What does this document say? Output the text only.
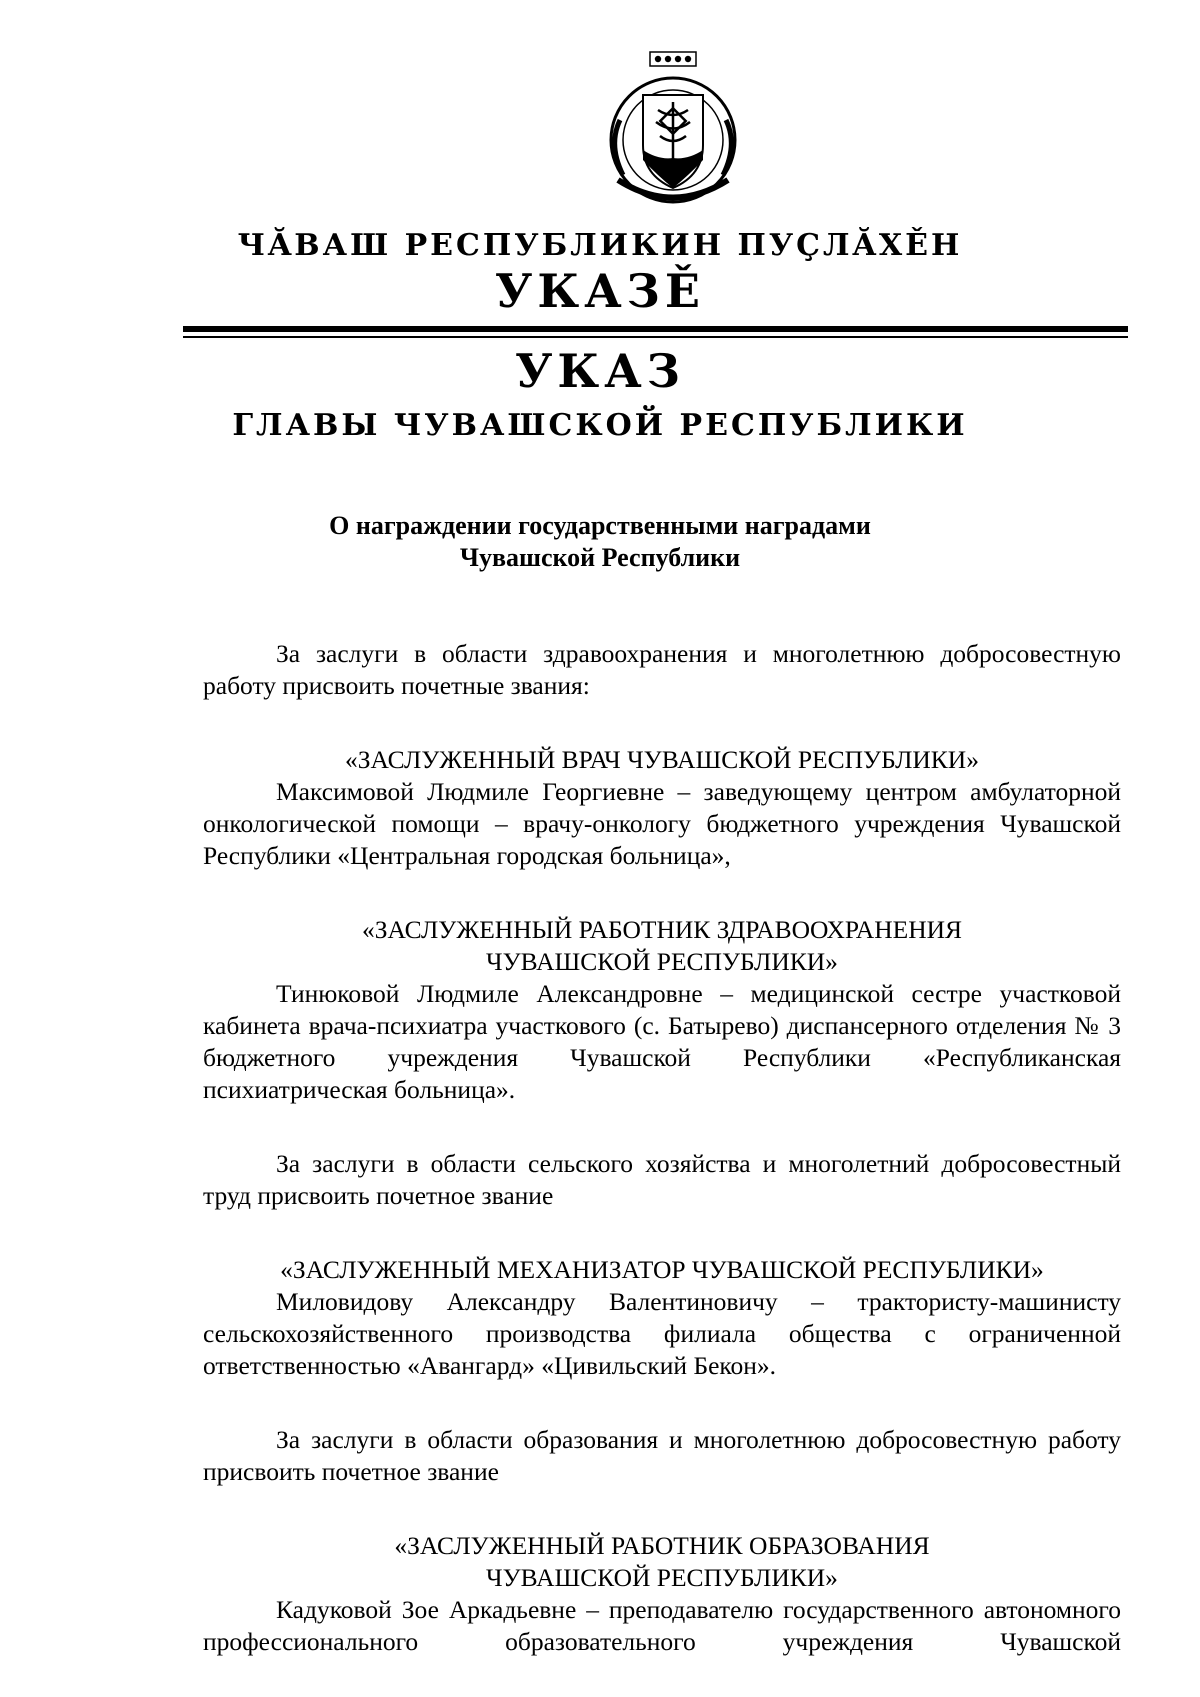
ЧĂВАШ РЕСПУБЛИКИН ПУÇЛĂХĚН
УКАЗĚ
УКАЗ
ГЛАВЫ ЧУВАШСКОЙ РЕСПУБЛИКИ
О награждении государственными наградами
Чувашской Республики

За заслуги в области здравоохранения и многолетнюю добросовестную работу присвоить почетные звания:

«ЗАСЛУЖЕННЫЙ ВРАЧ ЧУВАШСКОЙ РЕСПУБЛИКИ»

Максимовой Людмиле Георгиевне – заведующему центром амбулаторной онкологической помощи – врачу-онкологу бюджетного учреждения Чувашской Республики «Центральная городская больница»,

«ЗАСЛУЖЕННЫЙ РАБОТНИК ЗДРАВООХРАНЕНИЯ
ЧУВАШСКОЙ РЕСПУБЛИКИ»

Тинюковой Людмиле Александровне – медицинской сестре участковой кабинета врача-психиатра участкового (с. Батырево) диспансерного отделения № 3 бюджетного учреждения Чувашской Республики «Республиканская психиатрическая больница».

За заслуги в области сельского хозяйства и многолетний добросовестный труд присвоить почетное звание

«ЗАСЛУЖЕННЫЙ МЕХАНИЗАТОР ЧУВАШСКОЙ РЕСПУБЛИКИ»

Миловидову Александру Валентиновичу – трактористу-машинисту сельскохозяйственного производства филиала общества с ограниченной ответственностью «Авангард» «Цивильский Бекон».

За заслуги в области образования и многолетнюю добросовестную работу присвоить почетное звание

«ЗАСЛУЖЕННЫЙ РАБОТНИК ОБРАЗОВАНИЯ
ЧУВАШСКОЙ РЕСПУБЛИКИ»

Кадуковой Зое Аркадьевне – преподавателю государственного автономного профессионального образовательного учреждения Чувашской
